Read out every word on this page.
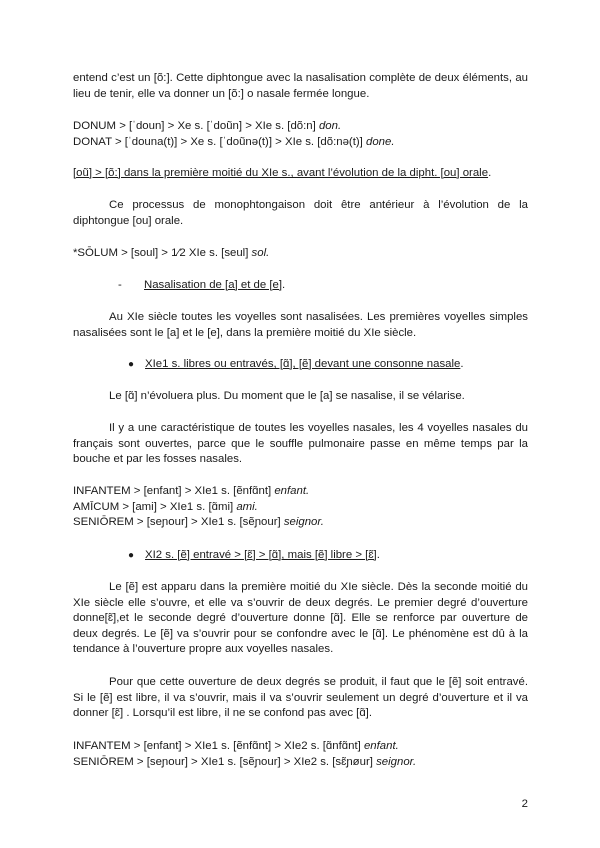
entend c’est un [õ:]. Cette diphtongue avec la nasalisation complète de deux éléments, au lieu de tenir, elle va donner un [õ:] o nasale fermée longue.
DONUM > [ˈdoun] > Xe s. [ˈdoũn] > XIe s. [dõ:n] don.
DONAT > [ˈdouna(t)] > Xe s. [ˈdoũnə(t)] > XIe s. [dõ:nə(t)] done.
[oũ] > [õ:] dans la première moitié du XIe s., avant l’évolution de la dipht. [ou] orale.
Ce processus de monophtongaison doit être antérieur à l’évolution de la diphtongue [ou] orale.
*SŌLUM > [soul] > 1⁄2 XIe s. [seul] sol.
- Nasalisation de [a] et de [e].
Au XIe siècle toutes les voyelles sont nasalisées. Les premières voyelles simples nasalisées sont le [a] et le [e], dans la première moitié du XIe siècle.
● XIe1 s. libres ou entravés, [ɑ̃], [ẽ] devant une consonne nasale.
Le [ɑ̃] n’évoluera plus. Du moment que le [a] se nasalise, il se vélarise.
Il y a une caractéristique de toutes les voyelles nasales, les 4 voyelles nasales du français sont ouvertes, parce que le souffle pulmonaire passe en même temps par la bouche et par les fosses nasales.
INFANTEM > [enfant] > XIe1 s. [ẽnfɑ̃nt] enfant.
AMĪCUM > [ami] > XIe1 s. [ɑ̃mi] ami.
SENIŌREM > [seɲour] > XIe1 s. [sẽɲour] seignor.
● XI2 s. [ẽ] entravé > [ɛ̃] > [ɑ̃], mais [ẽ] libre > [ɛ̃].
Le [ẽ] est apparu dans la première moitié du XIe siècle. Dès la seconde moitié du XIe siècle elle s’ouvre, et elle va s’ouvrir de deux degrés. Le premier degré d’ouverture donne[ɛ̃],et le seconde degré d’ouverture donne [ɑ̃]. Elle se renforce par ouverture de deux degrés. Le [ẽ] va s’ouvrir pour se confondre avec le [ɑ̃]. Le phénomène est dû à la tendance à l’ouverture propre aux voyelles nasales.
Pour que cette ouverture de deux degrés se produit, il faut que le [ẽ] soit entravé. Si le [ẽ] est libre, il va s’ouvrir, mais il va s’ouvrir seulement un degré d’ouverture et il va donner [ɛ̃] . Lorsqu’il est libre, il ne se confond pas avec [ɑ̃].
INFANTEM > [enfant] > XIe1 s. [ẽnfɑ̃nt] > XIe2 s. [ɑ̃nfɑ̃nt] enfant.
SENIŌREM > [seɲour] > XIe1 s. [sẽɲour] > XIe2 s. [sɛ̃ɲøur] seignor.
2
